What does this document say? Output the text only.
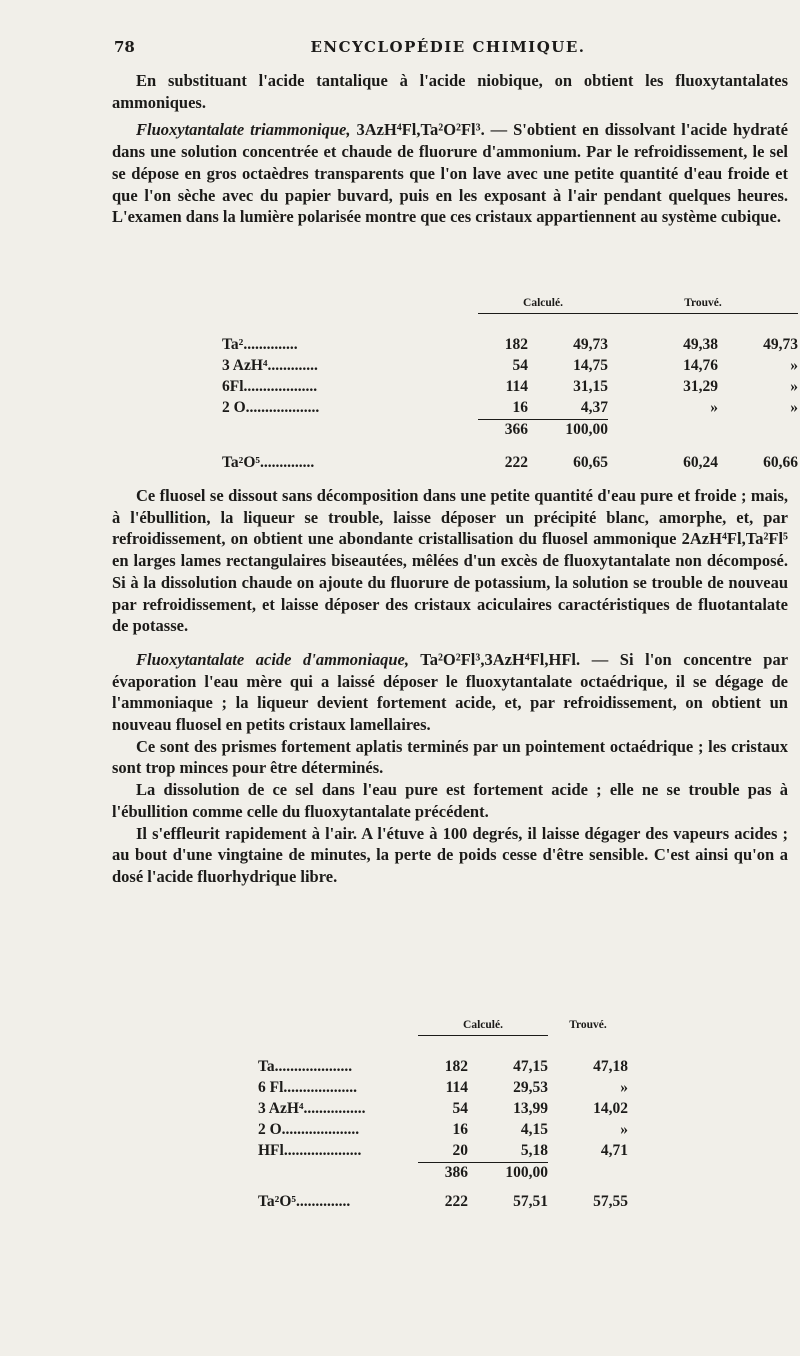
78	ENCYCLOPÉDIE CHIMIQUE.

En substituant l'acide tantalique à l'acide niobique, on obtient les fluoxytantalates ammoniques.

Fluoxytantalate triammonique, 3AzH⁴Fl,Ta²O²Fl³. — S'obtient en dissolvant l'acide hydraté dans une solution concentrée et chaude de fluorure d'ammonium. Par le refroidissement, le sel se dépose en gros octaèdres transparents que l'on lave avec une petite quantité d'eau froide et que l'on sèche avec du papier buvard, puis en les exposant à l'air pendant quelques heures. L'examen dans la lumière polarisée montre que ces cristaux appartiennent au système cubique.

	Calculé.		Trouvé.	

Ta²..............	182	49,73	49,38	49,73
3 AzH⁴.............	54	14,75	14,76	»
6Fl...................	114	31,15	31,29	»
2 O...................	16	4,37	»	»
	366	100,00		

Ta²O⁵..............	222	60,65	60,24	60,66

Ce fluosel se dissout sans décomposition dans une petite quantité d'eau pure et froide ; mais, à l'ébullition, la liqueur se trouble, laisse déposer un précipité blanc, amorphe, et, par refroidissement, on obtient une abondante cristallisation du fluosel ammonique 2AzH⁴Fl,Ta²Fl⁵ en larges lames rectangulaires biseautées, mêlées d'un excès de fluoxytantalate non décomposé. Si à la dissolution chaude on ajoute du fluorure de potassium, la solution se trouble de nouveau par refroidissement, et laisse déposer des cristaux aciculaires caractéristiques de fluotantalate de potasse.

Fluoxytantalate acide d'ammoniaque, Ta²O²Fl³,3AzH⁴Fl,HFl. — Si l'on concentre par évaporation l'eau mère qui a laissé déposer le fluoxytantalate octaédrique, il se dégage de l'ammoniaque ; la liqueur devient fortement acide, et, par refroidissement, on obtient un nouveau fluosel en petits cristaux lamellaires.

Ce sont des prismes fortement aplatis terminés par un pointement octaédrique ; les cristaux sont trop minces pour être déterminés.

La dissolution de ce sel dans l'eau pure est fortement acide ; elle ne se trouble pas à l'ébullition comme celle du fluoxytantalate précédent.

Il s'effleurit rapidement à l'air. A l'étuve à 100 degrés, il laisse dégager des vapeurs acides ; au bout d'une vingtaine de minutes, la perte de poids cesse d'être sensible. C'est ainsi qu'on a dosé l'acide fluorhydrique libre.

	Calculé.		Trouvé.

Ta....................	182	47,15	47,18
6 Fl...................	114	29,53	»
3 AzH⁴................	54	13,99	14,02
2 O....................	16	4,15	»
HFl....................	20	5,18	4,71
	386	100,00	

Ta²O⁵..............	222	57,51	57,55
